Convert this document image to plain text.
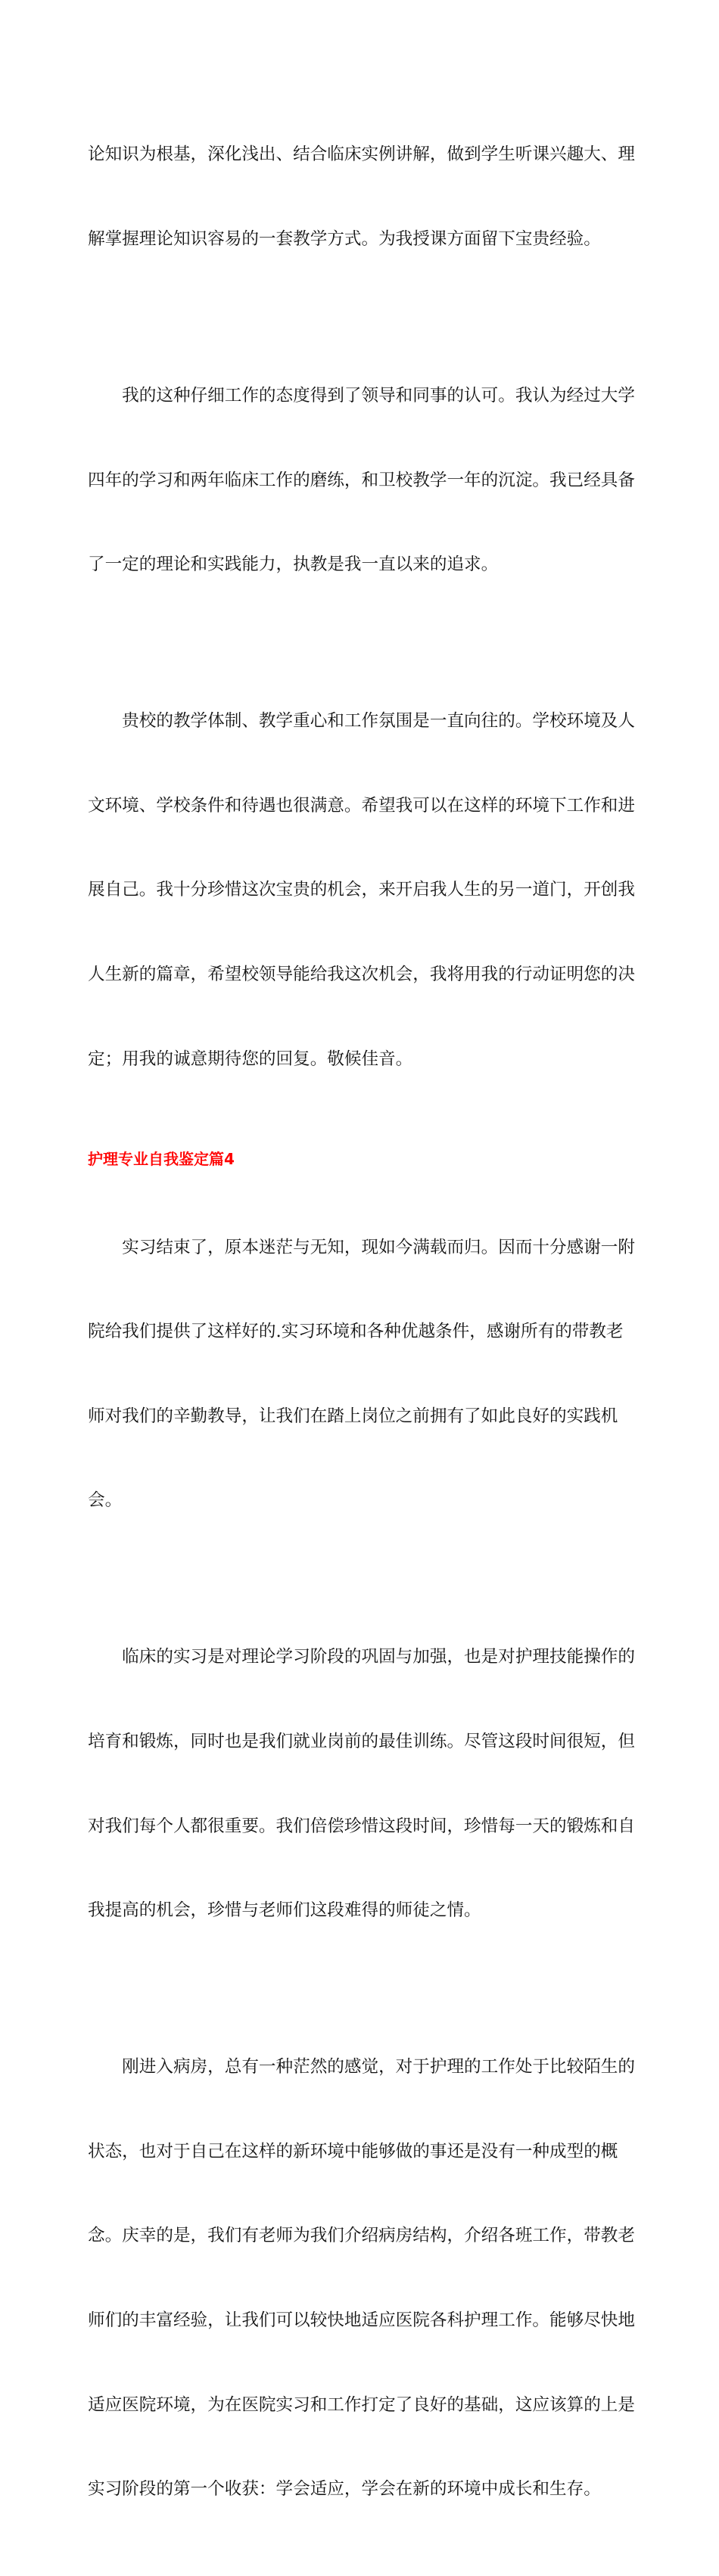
论知识为根基，深化浅出、结合临床实例讲解，做到学生听课兴趣大、理

解掌握理论知识容易的一套教学方式。为我授课方面留下宝贵经验。

　　我的这种仔细工作的态度得到了领导和同事的认可。我认为经过大学

四年的学习和两年临床工作的磨练，和卫校教学一年的沉淀。我已经具备

了一定的理论和实践能力，执教是我一直以来的追求。

　　贵校的教学体制、教学重心和工作氛围是一直向往的。学校环境及人

文环境、学校条件和待遇也很满意。希望我可以在这样的环境下工作和进

展自己。我十分珍惜这次宝贵的机会，来开启我人生的另一道门，开创我

人生新的篇章，希望校领导能给我这次机会，我将用我的行动证明您的决

定；用我的诚意期待您的回复。敬候佳音。

护理专业自我鉴定篇4

　　实习结束了，原本迷茫与无知，现如今满载而归。因而十分感谢一附

院给我们提供了这样好的.实习环境和各种优越条件，感谢所有的带教老

师对我们的辛勤教导，让我们在踏上岗位之前拥有了如此良好的实践机

会。

　　临床的实习是对理论学习阶段的巩固与加强，也是对护理技能操作的

培育和锻炼，同时也是我们就业岗前的最佳训练。尽管这段时间很短，但

对我们每个人都很重要。我们倍偿珍惜这段时间，珍惜每一天的锻炼和自

我提高的机会，珍惜与老师们这段难得的师徒之情。

　　刚进入病房，总有一种茫然的感觉，对于护理的工作处于比较陌生的

状态，也对于自己在这样的新环境中能够做的事还是没有一种成型的概

念。庆幸的是，我们有老师为我们介绍病房结构，介绍各班工作，带教老

师们的丰富经验，让我们可以较快地适应医院各科护理工作。能够尽快地

适应医院环境，为在医院实习和工作打定了良好的基础，这应该算的上是

实习阶段的第一个收获：学会适应，学会在新的环境中成长和生存。
